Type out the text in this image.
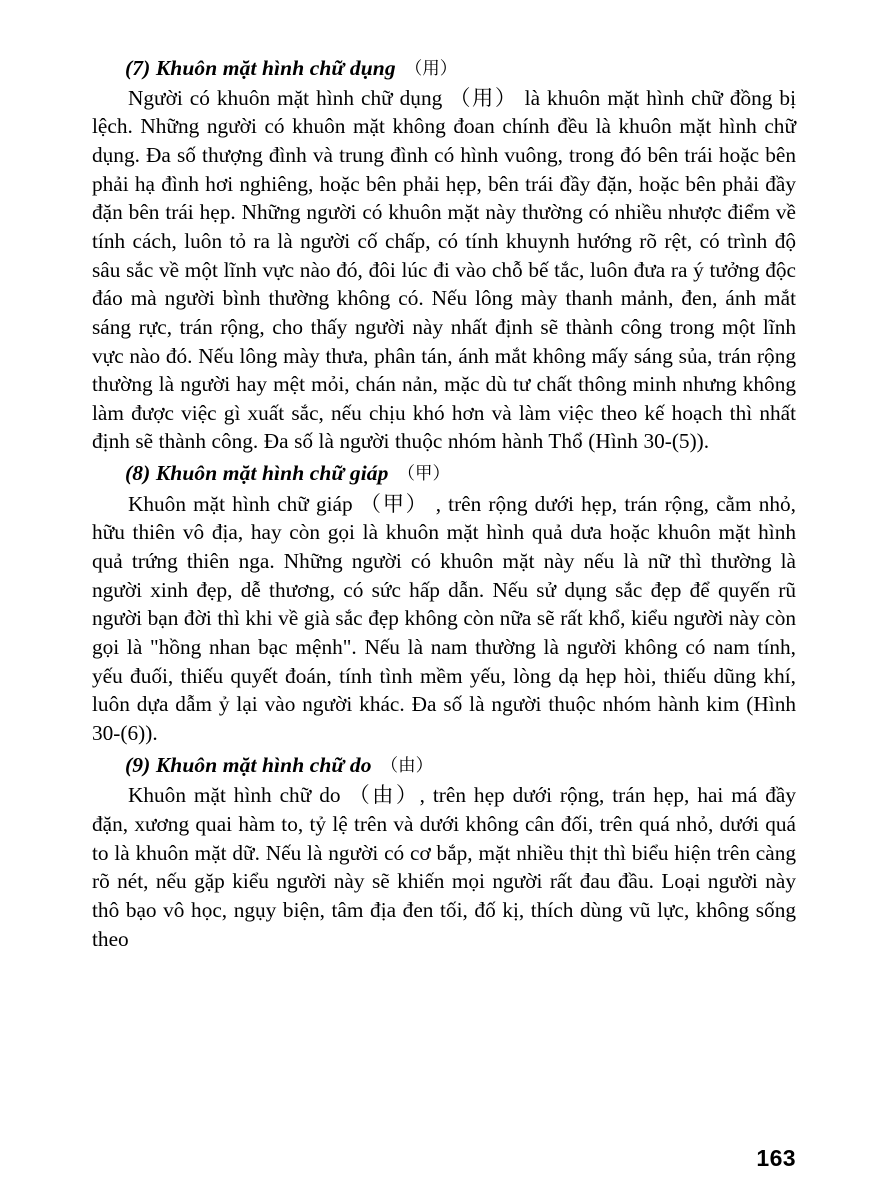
(7) Khuôn mặt hình chữ dụng （用）

Người có khuôn mặt hình chữ dụng （用） là khuôn mặt hình chữ đồng bị lệch. Những người có khuôn mặt không đoan chính đều là khuôn mặt hình chữ dụng. Đa số thượng đình và trung đình có hình vuông, trong đó bên trái hoặc bên phải hạ đình hơi nghiêng, hoặc bên phải hẹp, bên trái đầy đặn, hoặc bên phải đầy đặn bên trái hẹp. Những người có khuôn mặt này thường có nhiều nhược điểm về tính cách, luôn tỏ ra là người cố chấp, có tính khuynh hướng rõ rệt, có trình độ sâu sắc về một lĩnh vực nào đó, đôi lúc đi vào chỗ bế tắc, luôn đưa ra ý tưởng độc đáo mà người bình thường không có. Nếu lông mày thanh mảnh, đen, ánh mắt sáng rực, trán rộng, cho thấy người này nhất định sẽ thành công trong một lĩnh vực nào đó. Nếu lông mày thưa, phân tán, ánh mắt không mấy sáng sủa, trán rộng thường là người hay mệt mỏi, chán nản, mặc dù tư chất thông minh nhưng không làm được việc gì xuất sắc, nếu chịu khó hơn và làm việc theo kế hoạch thì nhất định sẽ thành công. Đa số là người thuộc nhóm hành Thổ (Hình 30-(5)).

(8) Khuôn mặt hình chữ giáp （甲）

Khuôn mặt hình chữ giáp （甲） , trên rộng dưới hẹp, trán rộng, cằm nhỏ, hữu thiên vô địa, hay còn gọi là khuôn mặt hình quả dưa hoặc khuôn mặt hình quả trứng thiên nga. Những người có khuôn mặt này nếu là nữ thì thường là người xinh đẹp, dễ thương, có sức hấp dẫn. Nếu sử dụng sắc đẹp để quyến rũ người bạn đời thì khi về già sắc đẹp không còn nữa sẽ rất khổ, kiểu người này còn gọi là "hồng nhan bạc mệnh". Nếu là nam thường là người không có nam tính, yếu đuối, thiếu quyết đoán, tính tình mềm yếu, lòng dạ hẹp hòi, thiếu dũng khí, luôn dựa dẫm ỷ lại vào người khác. Đa số là người thuộc nhóm hành kim (Hình 30-(6)).

(9) Khuôn mặt hình chữ do （由）

Khuôn mặt hình chữ do （由）, trên hẹp dưới rộng, trán hẹp, hai má đầy đặn, xương quai hàm to, tỷ lệ trên và dưới không cân đối, trên quá nhỏ, dưới quá to là khuôn mặt dữ. Nếu là người có cơ bắp, mặt nhiều thịt thì biểu hiện trên càng rõ nét, nếu gặp kiểu người này sẽ khiến mọi người rất đau đầu. Loại người này thô bạo vô học, ngụy biện, tâm địa đen tối, đố kị, thích dùng vũ lực, không sống theo

163
